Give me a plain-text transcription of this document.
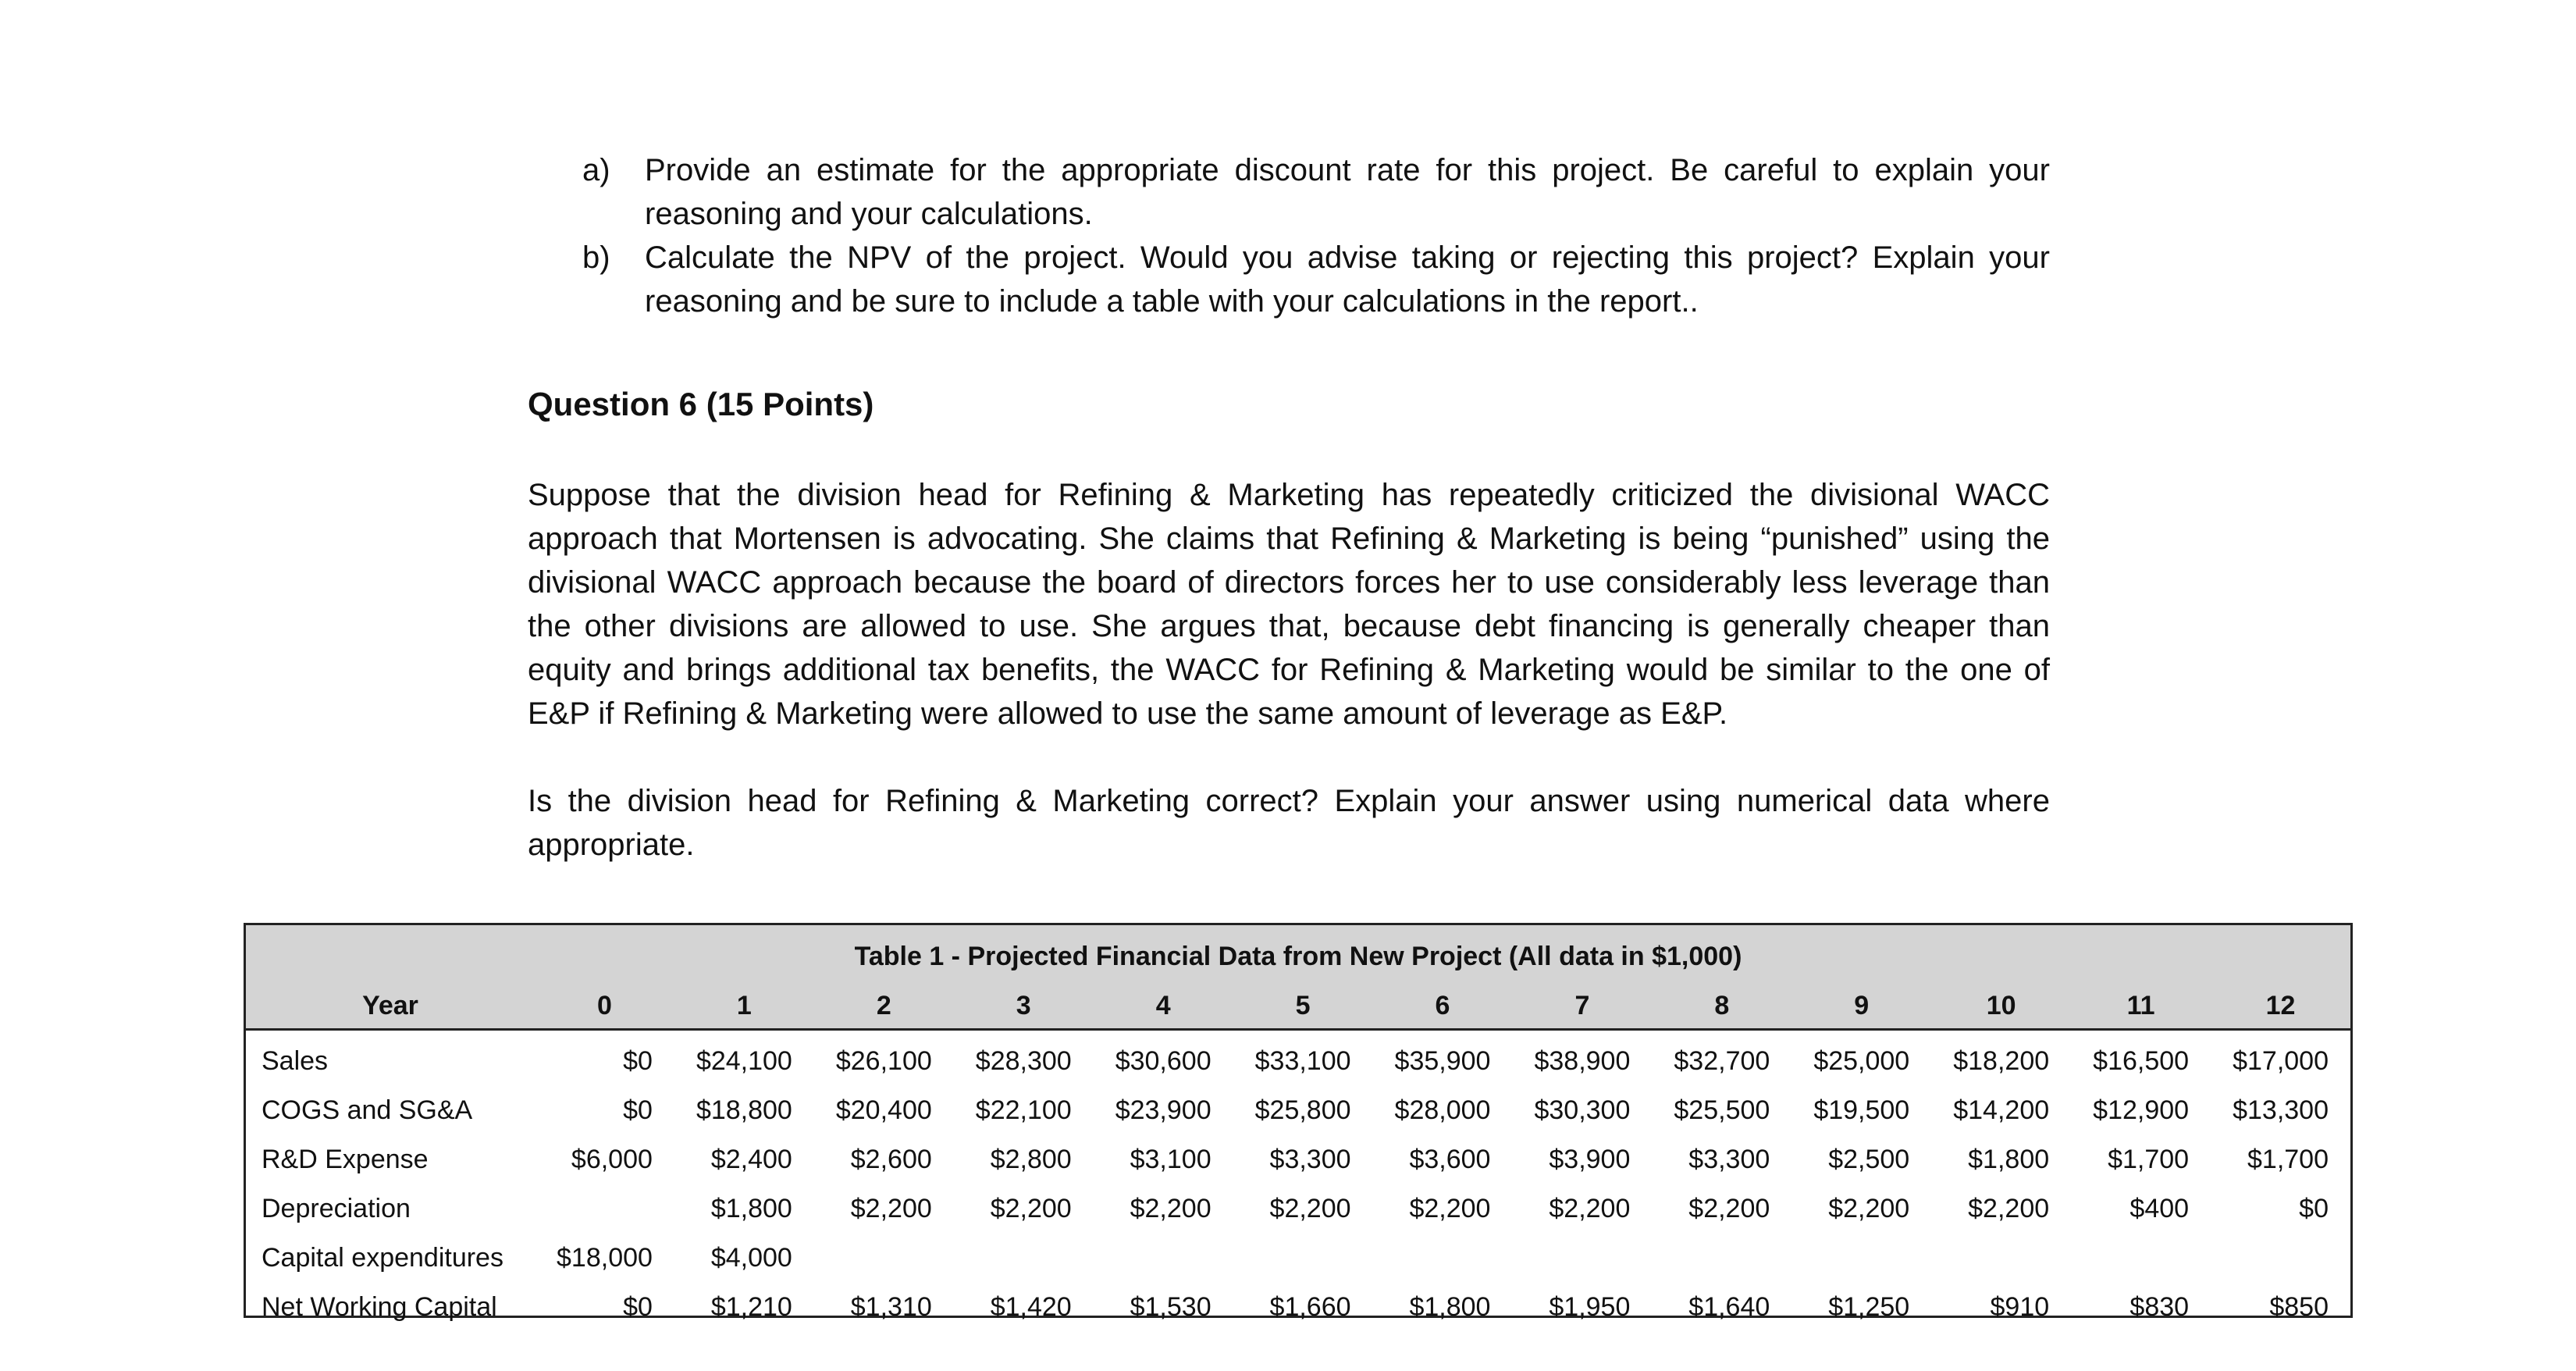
a) Provide an estimate for the appropriate discount rate for this project. Be careful to explain your reasoning and your calculations.
b) Calculate the NPV of the project. Would you advise taking or rejecting this project? Explain your reasoning and be sure to include a table with your calculations in the report..
Question 6 (15 Points)

Suppose that the division head for Refining & Marketing has repeatedly criticized the divisional WACC approach that Mortensen is advocating. She claims that Refining & Marketing is being “punished” using the divisional WACC approach because the board of directors forces her to use considerably less leverage than the other divisions are allowed to use. She argues that, because debt financing is generally cheaper than equity and brings additional tax benefits, the WACC for Refining & Marketing would be similar to the one of E&P if Refining & Marketing were allowed to use the same amount of leverage as E&P.

Is the division head for Refining & Marketing correct? Explain your answer using numerical data where appropriate.

Table 1 - Projected Financial Data from New Project (All data in $1,000)													
Year	0	1	2	3	4	5	6	7	8	9	10	11	12
Sales	$0	$24,100	$26,100	$28,300	$30,600	$33,100	$35,900	$38,900	$32,700	$25,000	$18,200	$16,500	$17,000
COGS and SG&A	$0	$18,800	$20,400	$22,100	$23,900	$25,800	$28,000	$30,300	$25,500	$19,500	$14,200	$12,900	$13,300
R&D Expense	$6,000	$2,400	$2,600	$2,800	$3,100	$3,300	$3,600	$3,900	$3,300	$2,500	$1,800	$1,700	$1,700
Depreciation		$1,800	$2,200	$2,200	$2,200	$2,200	$2,200	$2,200	$2,200	$2,200	$2,200	$400	$0
Capital expenditures	$18,000	$4,000											
Net Working Capital	$0	$1,210	$1,310	$1,420	$1,530	$1,660	$1,800	$1,950	$1,640	$1,250	$910	$830	$850
